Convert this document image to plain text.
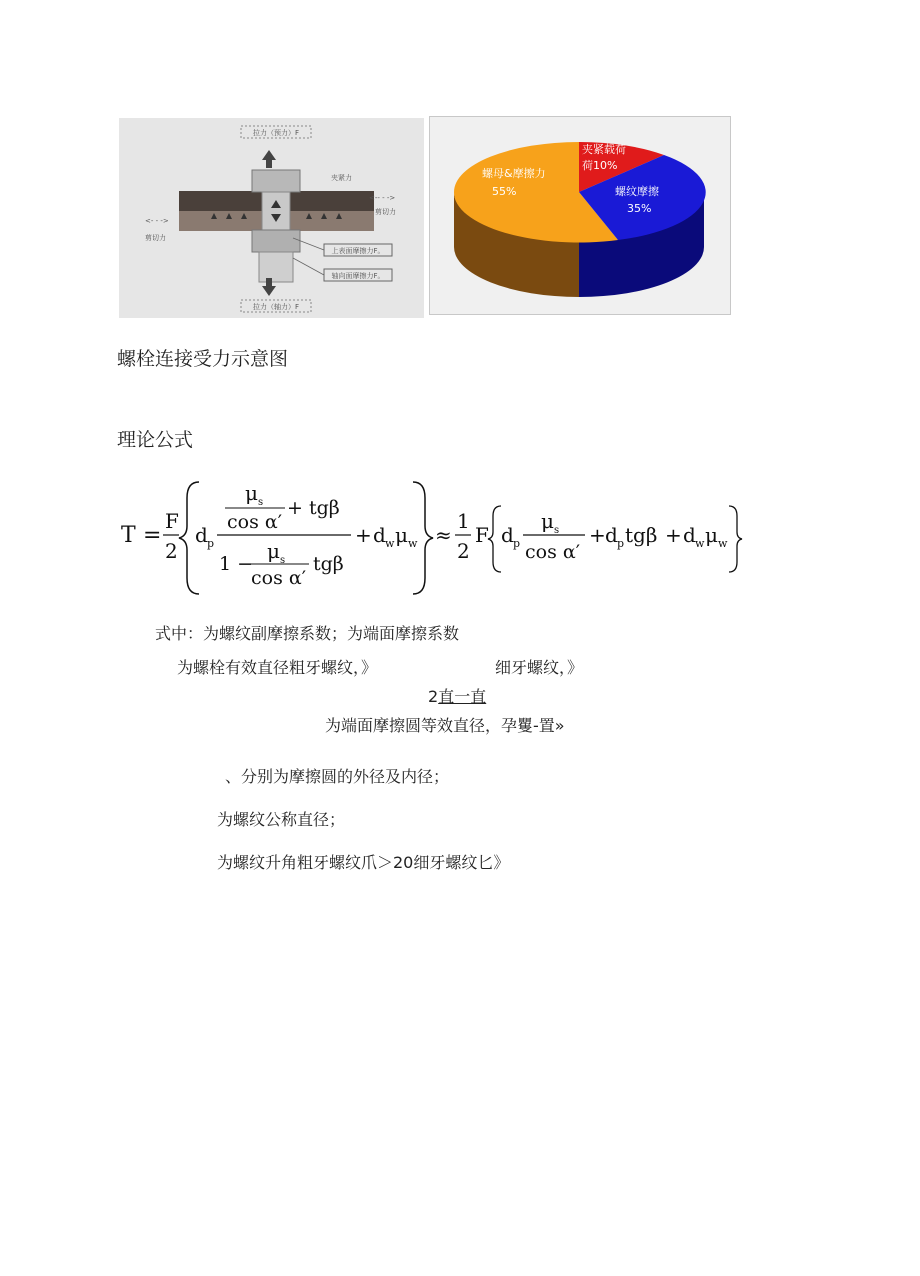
拉力（预力）F
夹紧力
剪切力
<-- - ->
剪切力
<- - ->
上表面摩擦力F。
轴向面摩擦力F。
拉力（轴力）F
螺母&摩擦力
55%
夹紧载荷
荷10%
螺纹摩擦
35%
螺栓连接受力示意图
理论公式
T =
F
2
d p
μ s
cos α′
+ tgβ
1 −
μ s
cos α′
tgβ
+ d w μ w ≈
1
2
F d p
μ s
cos α′
+ d p tgβ + d w μ w
式中：为螺纹副摩擦系数；为端面摩擦系数
为螺栓有效直径粗牙螺纹，》	细牙螺纹，》
2直一直
为端面摩擦圆等效直径，孕矍-置»
、分别为摩擦圆的外径及内径；
为螺纹公称直径；
为螺纹升角粗牙螺纹爪＞20细牙螺纹匕》
